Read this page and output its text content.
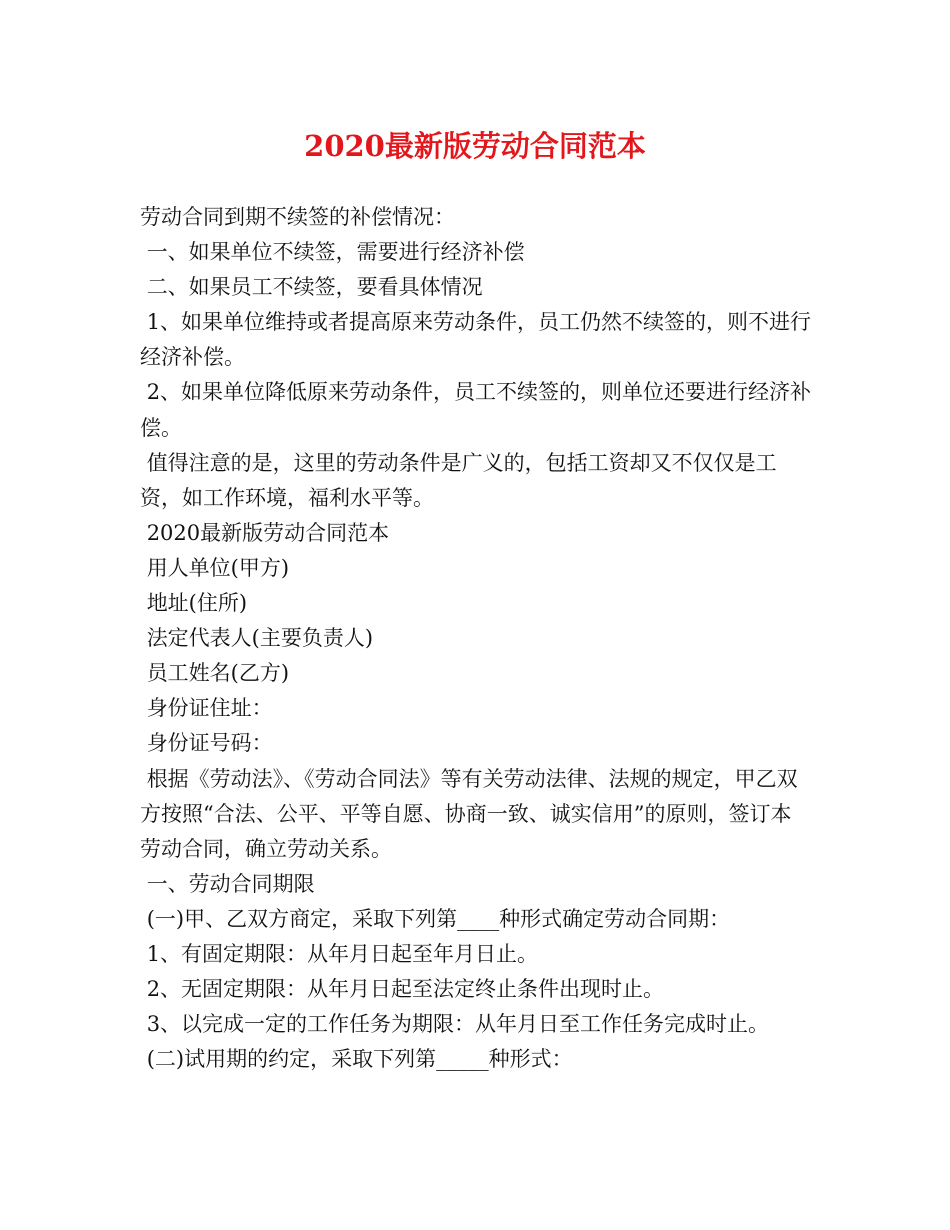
2020最新版劳动合同范本

劳动合同到期不续签的补偿情况：

一、如果单位不续签，需要进行经济补偿

二、如果员工不续签，要看具体情况

1、如果单位维持或者提高原来劳动条件，员工仍然不续签的，则不进行经济补偿。

2、如果单位降低原来劳动条件，员工不续签的，则单位还要进行经济补偿。

值得注意的是，这里的劳动条件是广义的，包括工资却又不仅仅是工资，如工作环境，福利水平等。

2020最新版劳动合同范本

用人单位(甲方)

地址(住所)

法定代表人(主要负责人)

员工姓名(乙方)

身份证住址：

身份证号码：

根据《劳动法》、《劳动合同法》等有关劳动法律、法规的规定，甲乙双方按照“合法、公平、平等自愿、协商一致、诚实信用”的原则，签订本劳动合同，确立劳动关系。

一、劳动合同期限

(一)甲、乙双方商定，采取下列第____种形式确定劳动合同期：

1、有固定期限：从年月日起至年月日止。

2、无固定期限：从年月日起至法定终止条件出现时止。

3、以完成一定的工作任务为期限：从年月日至工作任务完成时止。

(二)试用期的约定，采取下列第_____种形式：
